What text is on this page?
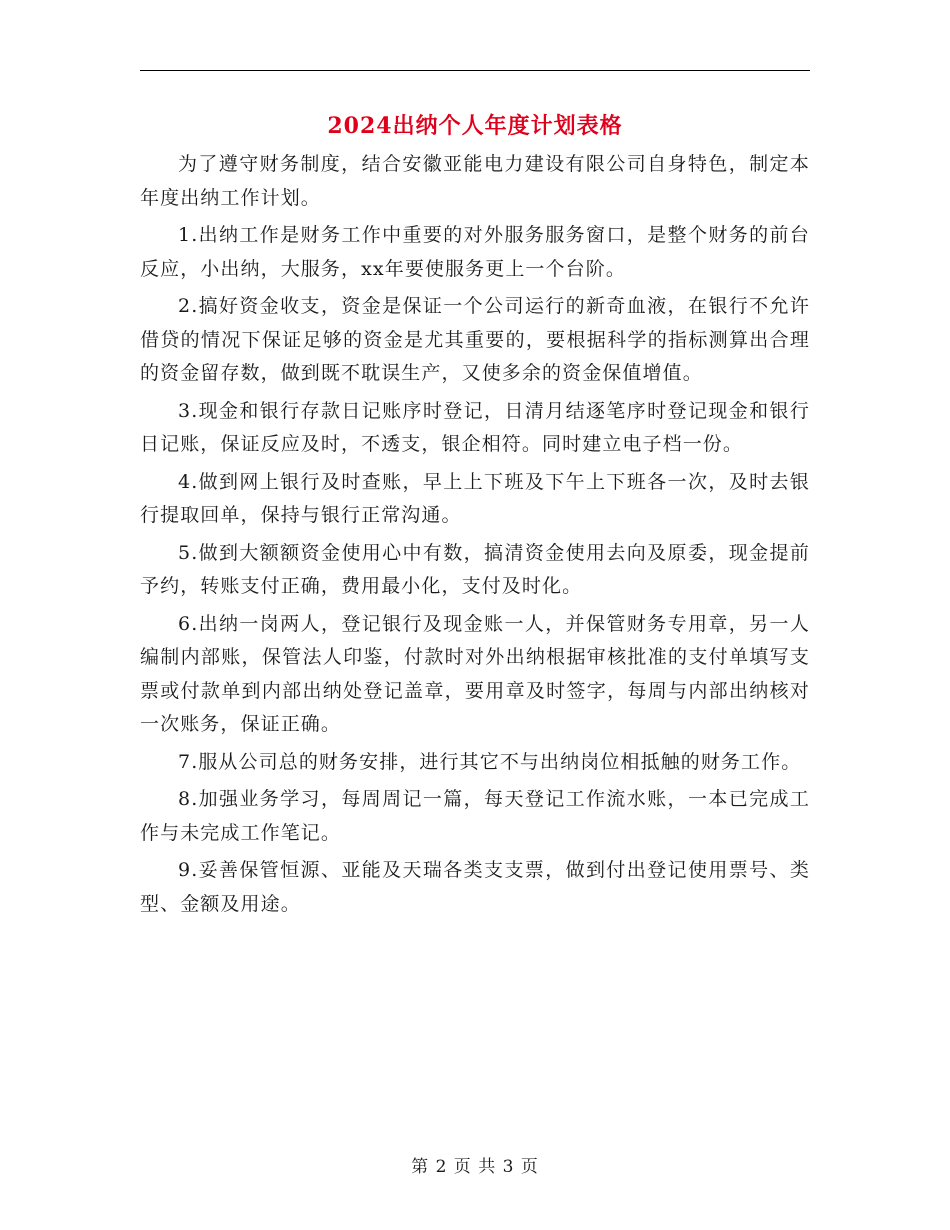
2024出纳个人年度计划表格

为了遵守财务制度，结合安徽亚能电力建设有限公司自身特色，制定本年度出纳工作计划。

1.出纳工作是财务工作中重要的对外服务服务窗口，是整个财务的前台反应，小出纳，大服务，xx年要使服务更上一个台阶。

2.搞好资金收支，资金是保证一个公司运行的新奇血液，在银行不允许借贷的情况下保证足够的资金是尤其重要的，要根据科学的指标测算出合理的资金留存数，做到既不耽误生产，又使多余的资金保值增值。

3.现金和银行存款日记账序时登记，日清月结逐笔序时登记现金和银行日记账，保证反应及时，不透支，银企相符。同时建立电子档一份。

4.做到网上银行及时查账，早上上下班及下午上下班各一次，及时去银行提取回单，保持与银行正常沟通。

5.做到大额额资金使用心中有数，搞清资金使用去向及原委，现金提前予约，转账支付正确，费用最小化，支付及时化。

6.出纳一岗两人，登记银行及现金账一人，并保管财务专用章，另一人编制内部账，保管法人印鉴，付款时对外出纳根据审核批准的支付单填写支票或付款单到内部出纳处登记盖章，要用章及时签字，每周与内部出纳核对一次账务，保证正确。

7.服从公司总的财务安排，进行其它不与出纳岗位相抵触的财务工作。

8.加强业务学习，每周周记一篇，每天登记工作流水账，一本已完成工作与未完成工作笔记。

9.妥善保管恒源、亚能及天瑞各类支支票，做到付出登记使用票号、类型、金额及用途。

第 2 页 共 3 页
